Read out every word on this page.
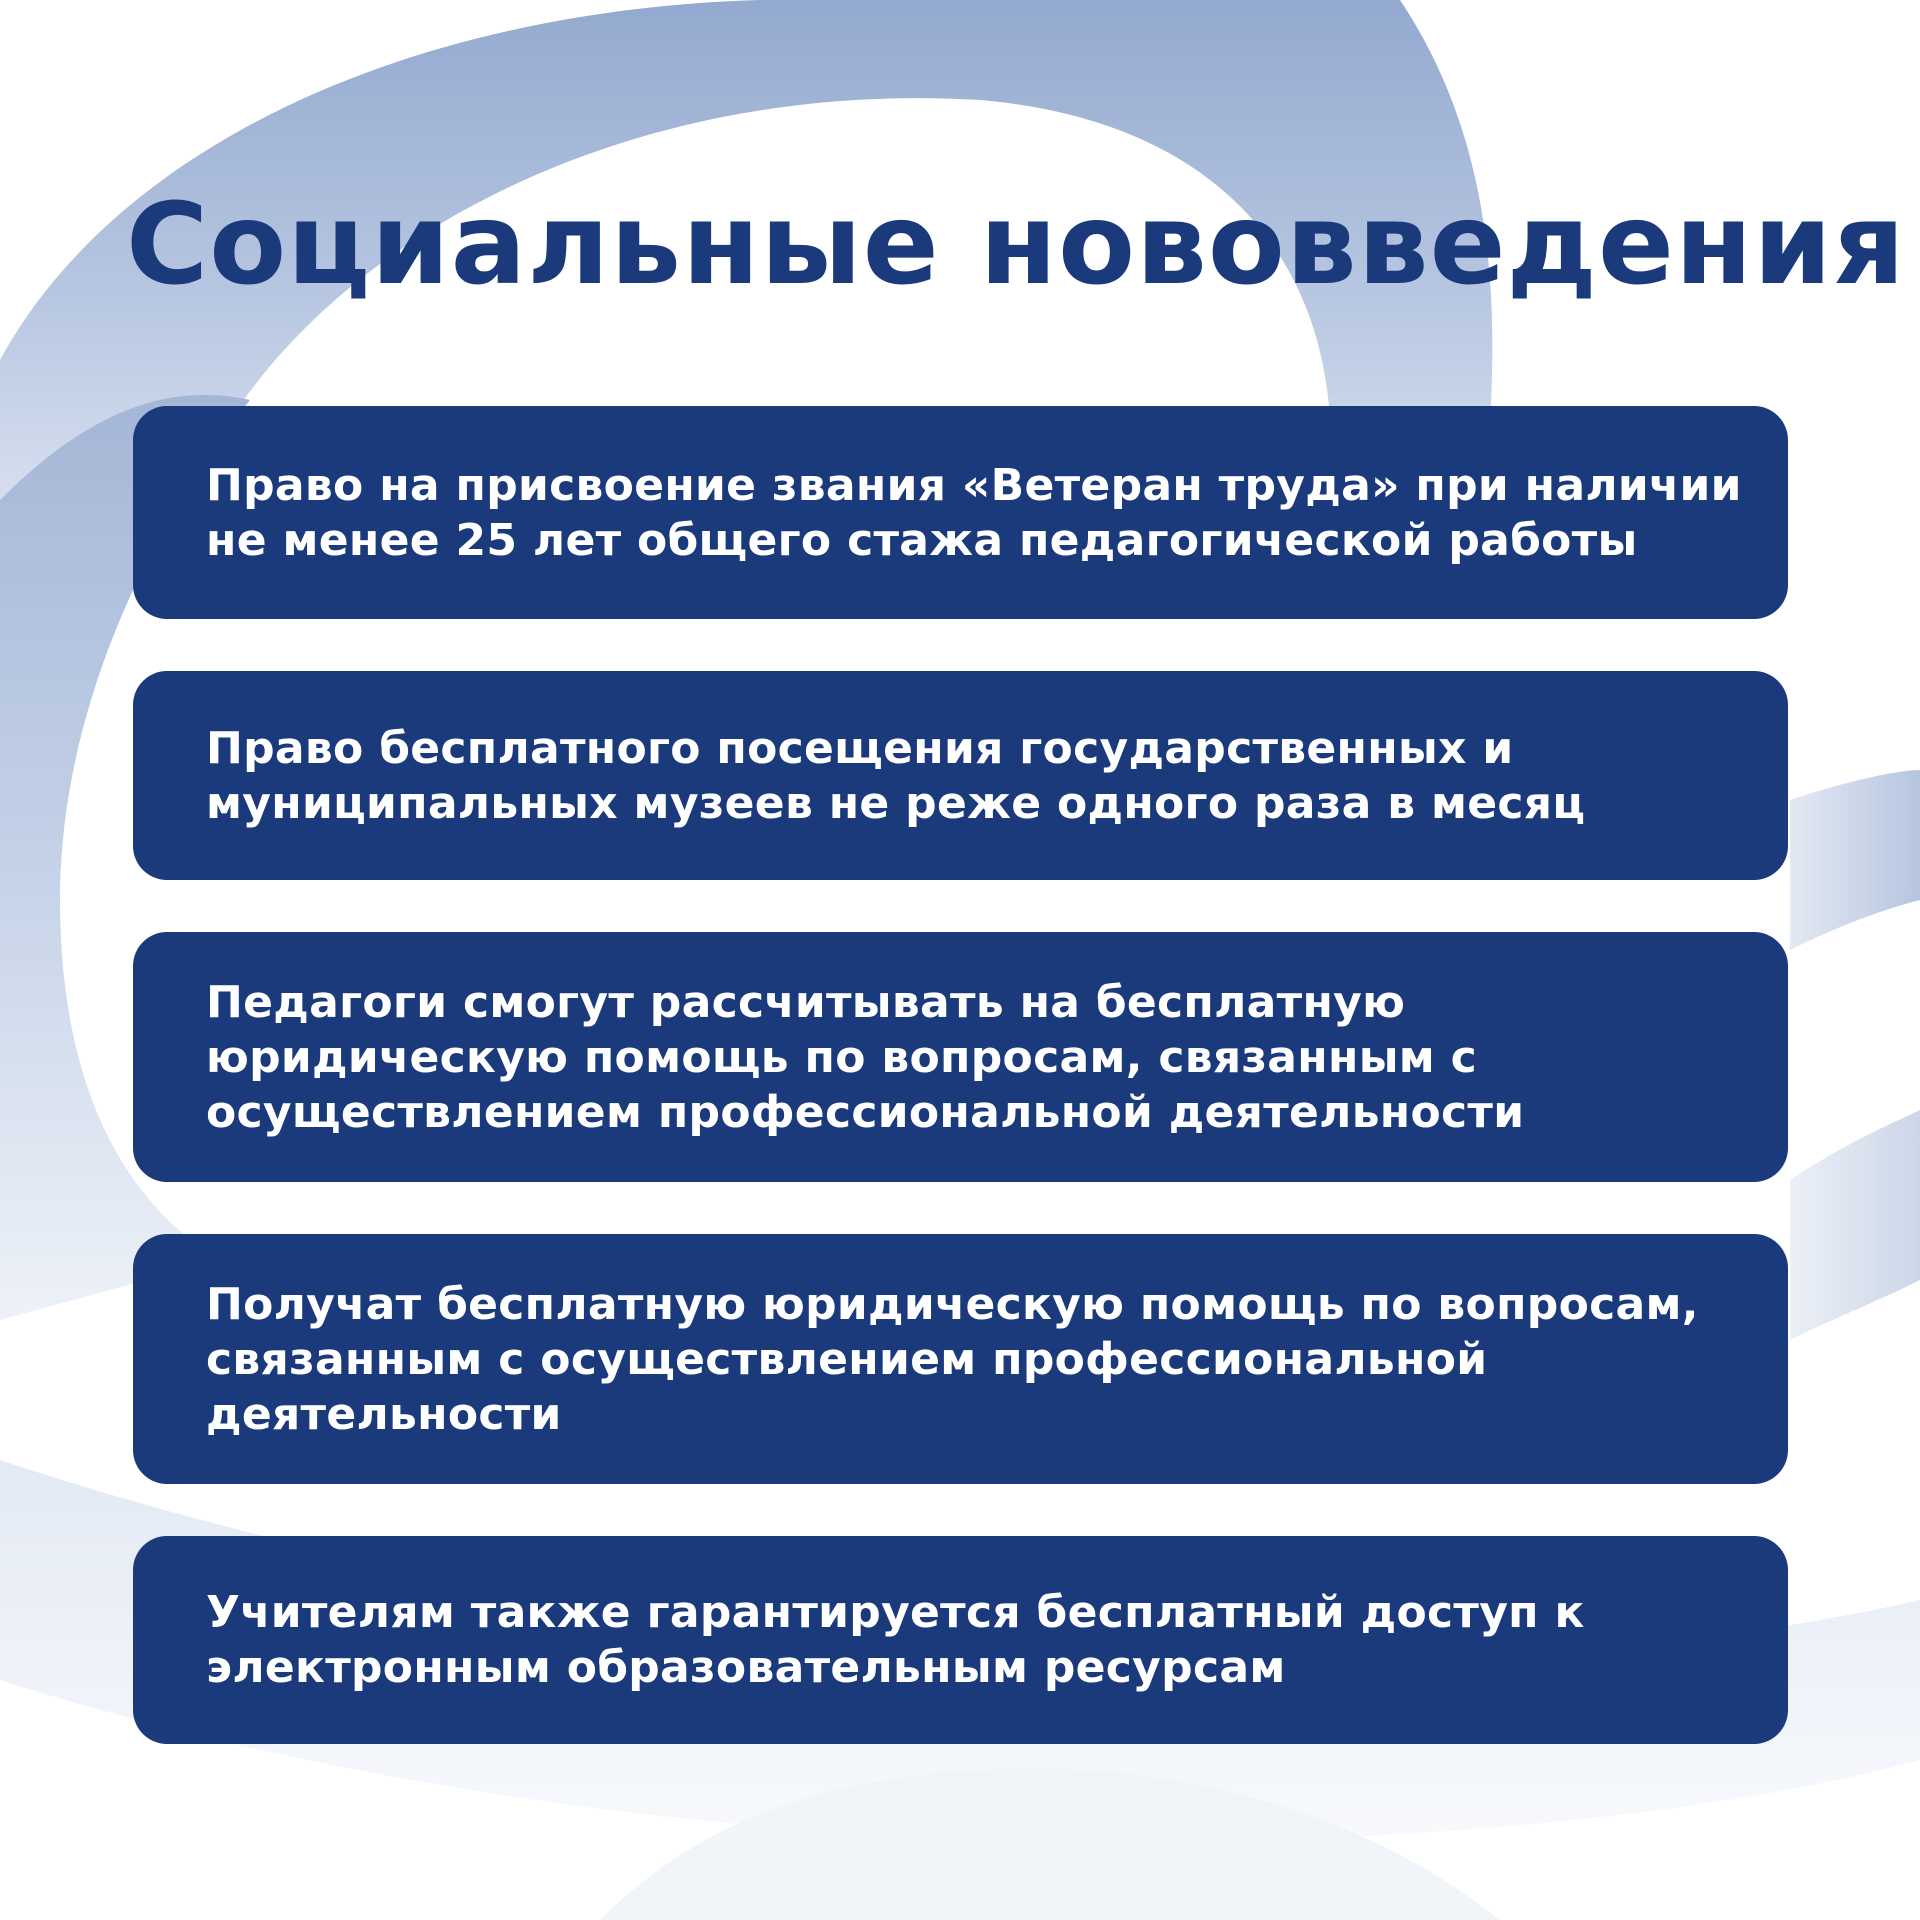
Социальные нововведения
Право на присвоение звания «Ветеран труда» при наличии не менее 25 лет общего стажа педагогической работы
Право бесплатного посещения государственных и муниципальных музеев не реже одного раза в месяц
Педагоги смогут рассчитывать на бесплатную юридическую помощь по вопросам, связанным с осуществлением профессиональной деятельности
Получат бесплатную юридическую помощь по вопросам, связанным с осуществлением профессиональной деятельности
Учителям также гарантируется бесплатный доступ к электронным образовательным ресурсам
